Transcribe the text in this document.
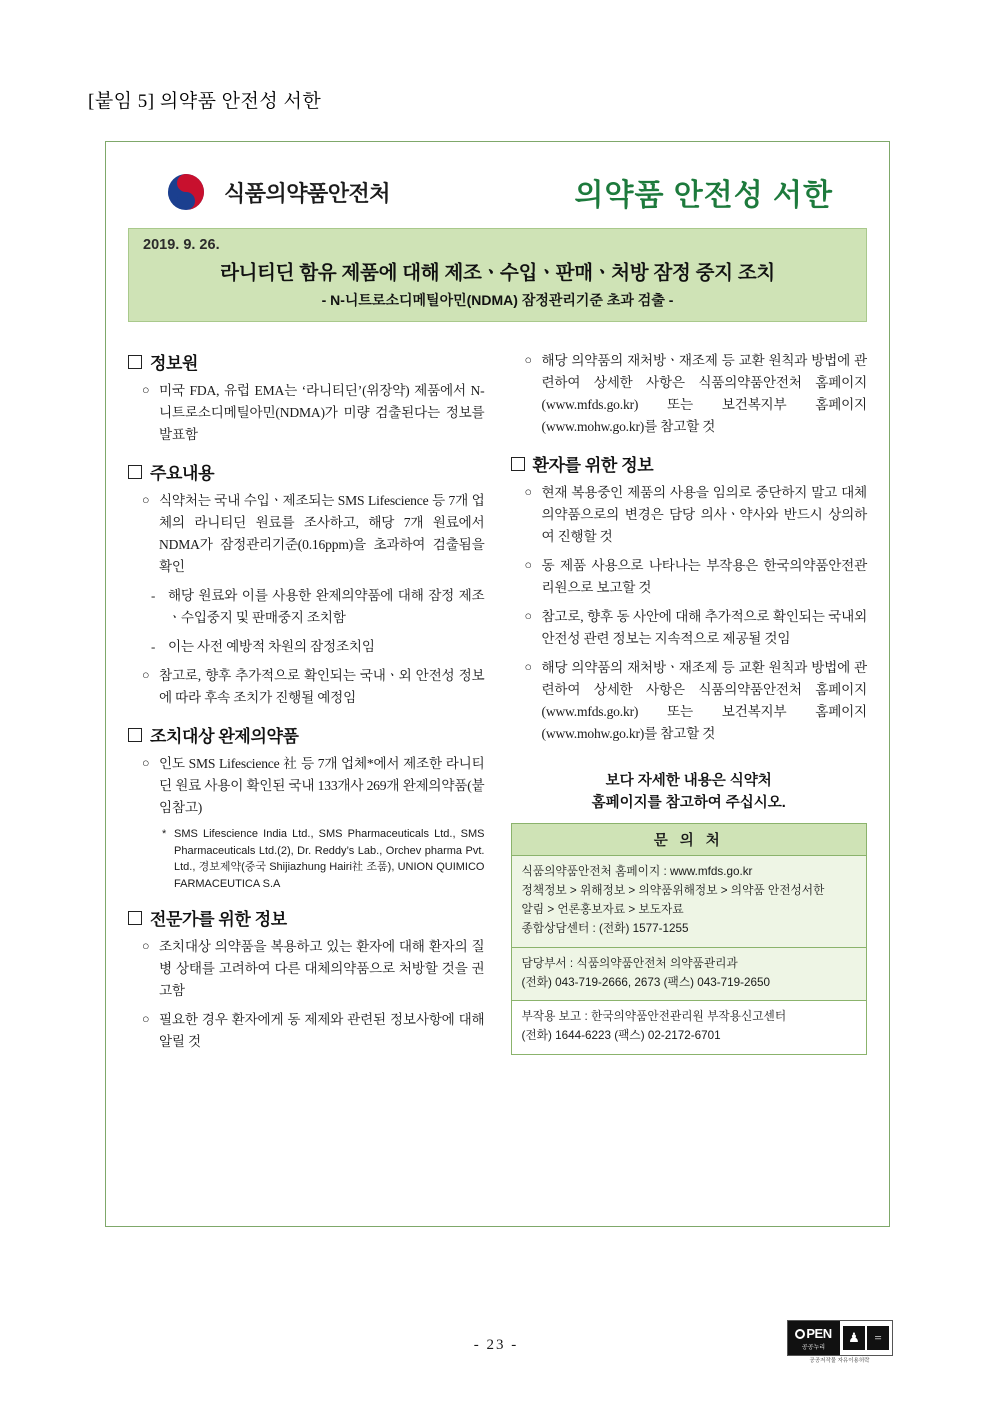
[붙임 5] 의약품 안전성 서한
식품의약품안전처	의약품 안전성 서한
2019. 9. 26.
라니티딘 함유 제품에 대해 제조ㆍ수입ㆍ판매ㆍ처방 잠정 중지 조치
- N-니트로소디메틸아민(NDMA) 잠정관리기준 초과 검출 -
정보원
○ 미국 FDA, 유럽 EMA는 ‘라니티딘’(위장약) 제품에서 N-니트로소디메틸아민(NDMA)가 미량 검출된다는 정보를 발표함
주요내용
○ 식약처는 국내 수입ㆍ제조되는 SMS Lifescience 등 7개 업체의 라니티딘 원료를 조사하고, 해당 7개 원료에서 NDMA가 잠정관리기준(0.16ppm)을 초과하여 검출됨을 확인
- 해당 원료와 이를 사용한 완제의약품에 대해 잠정 제조ㆍ수입중지 및 판매중지 조치함
- 이는 사전 예방적 차원의 잠정조치임
○ 참고로, 향후 추가적으로 확인되는 국내ㆍ외 안전성 정보에 따라 후속 조치가 진행될 예정임
조치대상 완제의약품
○ 인도 SMS Lifescience 社 등 7개 업체*에서 제조한 라니티딘 원료 사용이 확인된 국내 133개사 269개 완제의약품(붙임참고)
* SMS Lifescience India Ltd., SMS Pharmaceuticals Ltd., SMS Pharmaceuticals Ltd.(2), Dr. Reddy’s Lab., Orchev pharma Pvt. Ltd., 경보제약(중국 Shijiazhung Hairi社 조품), UNION QUIMICO FARMACEUTICA S.A
전문가를 위한 정보
○ 조치대상 의약품을 복용하고 있는 환자에 대해 환자의 질병 상태를 고려하여 다른 대체의약품으로 처방할 것을 권고함
○ 필요한 경우 환자에게 동 제제와 관련된 정보사항에 대해 알릴 것
○ 해당 의약품의 재처방ㆍ재조제 등 교환 원칙과 방법에 관련하여 상세한 사항은 식품의약품안전처 홈페이지(www.mfds.go.kr) 또는 보건복지부 홈페이지(www.mohw.go.kr)를 참고할 것
환자를 위한 정보
○ 현재 복용중인 제품의 사용을 임의로 중단하지 말고 대체의약품으로의 변경은 담당 의사ㆍ약사와 반드시 상의하여 진행할 것
○ 동 제품 사용으로 나타나는 부작용은 한국의약품안전관리원으로 보고할 것
○ 참고로, 향후 동 사안에 대해 추가적으로 확인되는 국내외 안전성 관련 정보는 지속적으로 제공될 것임
○ 해당 의약품의 재처방ㆍ재조제 등 교환 원칙과 방법에 관련하여 상세한 사항은 식품의약품안전처 홈페이지(www.mfds.go.kr) 또는 보건복지부 홈페이지(www.mohw.go.kr)를 참고할 것
보다 자세한 내용은 식약처
홈페이지를 참고하여 주십시오.
문 의 처
식품의약품안전처 홈페이지 : www.mfds.go.kr
정책정보 > 위해정보 > 의약품위해정보 > 의약품 안전성서한
알림 > 언론홍보자료 > 보도자료
종합상담센터 : (전화) 1577-1255
담당부서 : 식품의약품안전처 의약품관리과
(전화) 043-719-2666, 2673 (팩스) 043-719-2650
부작용 보고 : 한국의약품안전관리원 부작용신고센터
(전화) 1644-6223 (팩스) 02-2172-6701
- 23 -
PEN
공공누리
♟	=
공공저작물 자유이용허락
